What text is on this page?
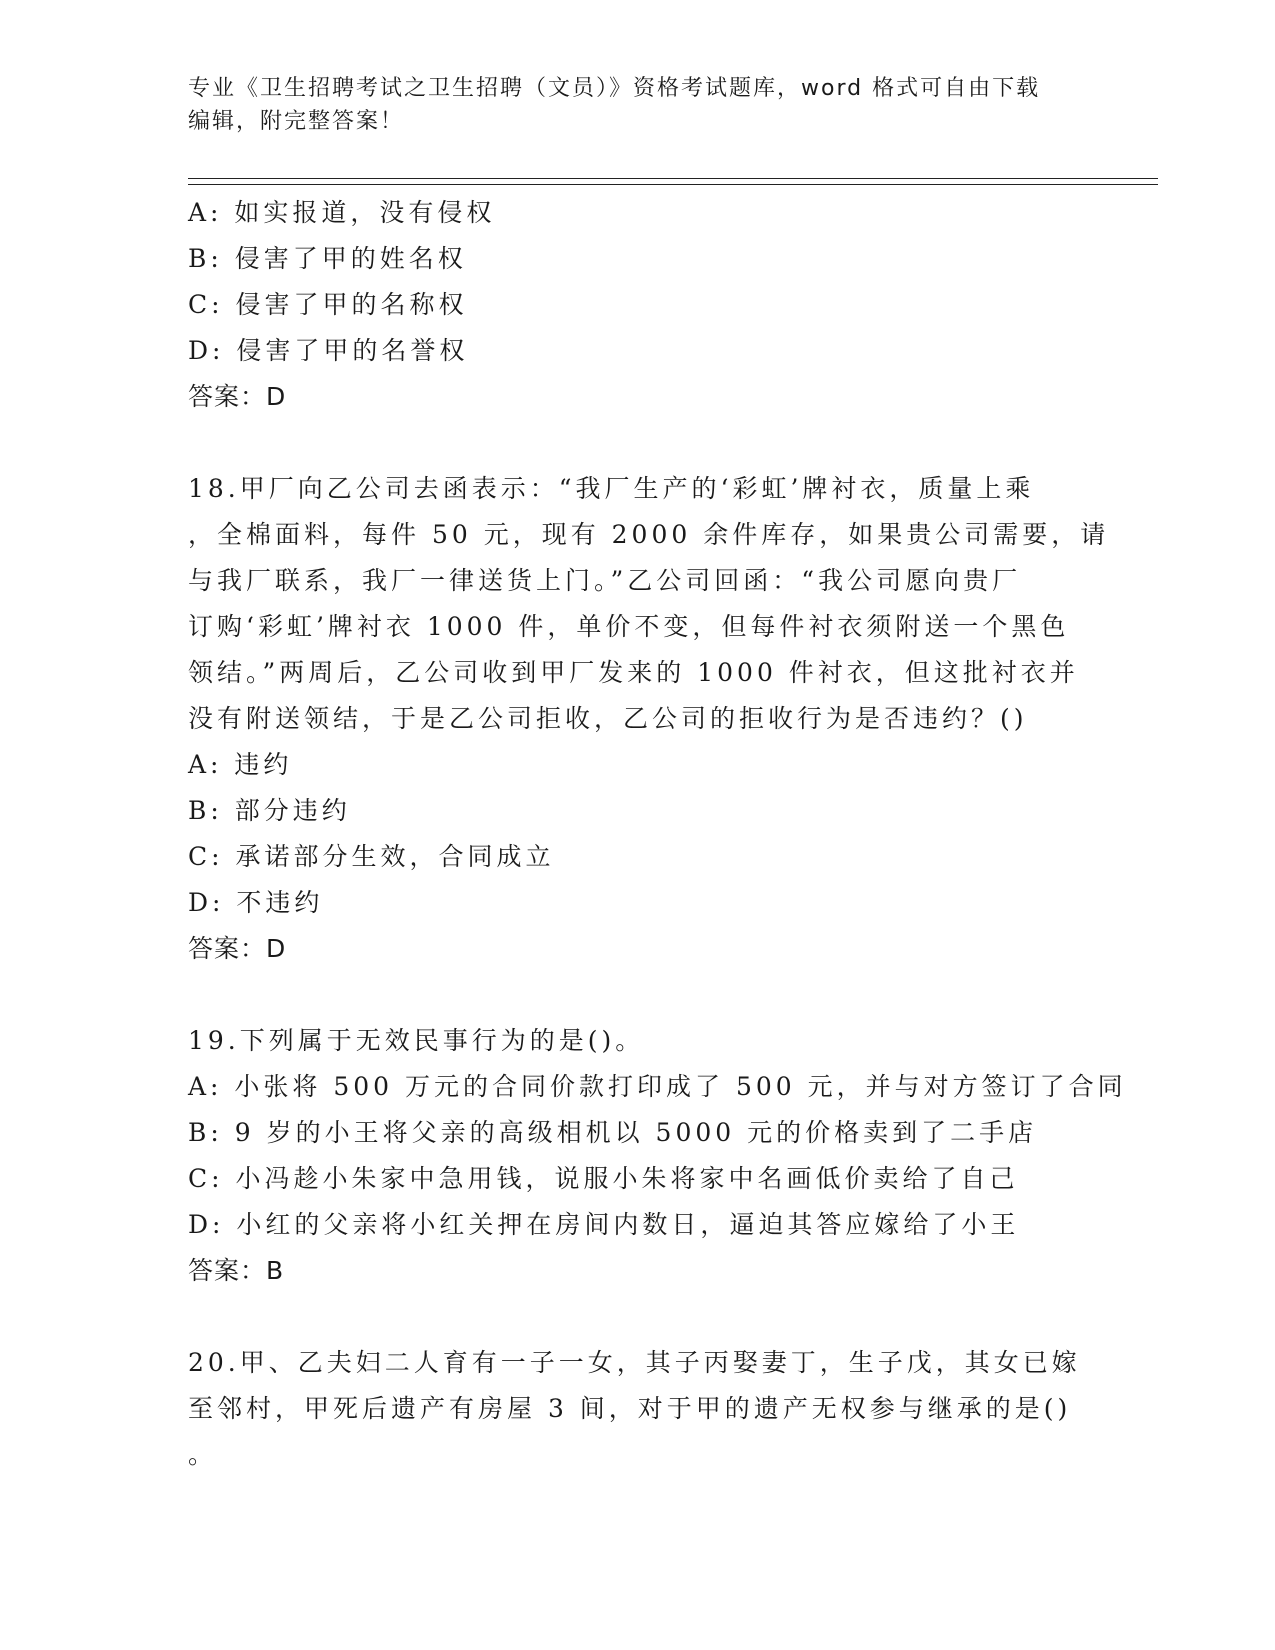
专业《卫生招聘考试之卫生招聘（文员）》资格考试题库，word 格式可自由下载
编辑，附完整答案！
A: 如实报道，没有侵权
B: 侵害了甲的姓名权
C: 侵害了甲的名称权
D: 侵害了甲的名誉权
答案：D
18.甲厂向乙公司去函表示：“我厂生产的‘彩虹’牌衬衣，质量上乘
，全棉面料，每件 50 元，现有 2000 余件库存，如果贵公司需要，请
与我厂联系，我厂一律送货上门。”乙公司回函：“我公司愿向贵厂
订购‘彩虹’牌衬衣 1000 件，单价不变，但每件衬衣须附送一个黑色
领结。”两周后，乙公司收到甲厂发来的 1000 件衬衣，但这批衬衣并
没有附送领结，于是乙公司拒收，乙公司的拒收行为是否违约？()
A: 违约
B: 部分违约
C: 承诺部分生效，合同成立
D: 不违约
答案：D
19.下列属于无效民事行为的是()。
A: 小张将 500 万元的合同价款打印成了 500 元，并与对方签订了合同
B: 9 岁的小王将父亲的高级相机以 5000 元的价格卖到了二手店
C: 小冯趁小朱家中急用钱，说服小朱将家中名画低价卖给了自己
D: 小红的父亲将小红关押在房间内数日，逼迫其答应嫁给了小王
答案：B
20.甲、乙夫妇二人育有一子一女，其子丙娶妻丁，生子戊，其女已嫁
至邻村，甲死后遗产有房屋 3 间，对于甲的遗产无权参与继承的是()
。
